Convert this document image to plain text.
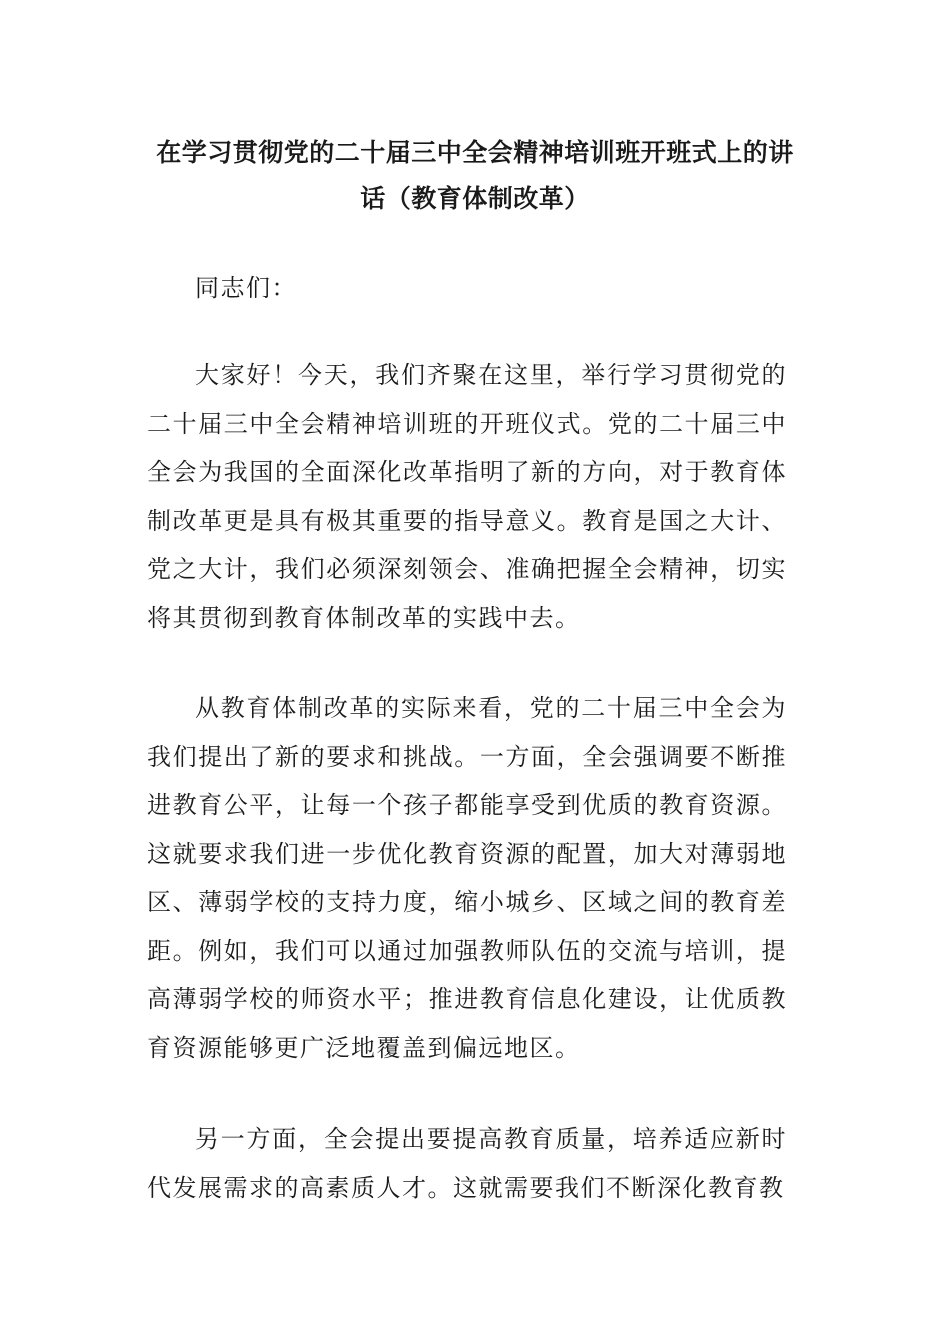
在学习贯彻党的二十届三中全会精神培训班开班式上的讲话（教育体制改革）

同志们：

大家好！今天，我们齐聚在这里，举行学习贯彻党的二十届三中全会精神培训班的开班仪式。党的二十届三中全会为我国的全面深化改革指明了新的方向，对于教育体制改革更是具有极其重要的指导意义。教育是国之大计、党之大计，我们必须深刻领会、准确把握全会精神，切实将其贯彻到教育体制改革的实践中去。

从教育体制改革的实际来看，党的二十届三中全会为我们提出了新的要求和挑战。一方面，全会强调要不断推进教育公平，让每一个孩子都能享受到优质的教育资源。这就要求我们进一步优化教育资源的配置，加大对薄弱地区、薄弱学校的支持力度，缩小城乡、区域之间的教育差距。例如，我们可以通过加强教师队伍的交流与培训，提高薄弱学校的师资水平；推进教育信息化建设，让优质教育资源能够更广泛地覆盖到偏远地区。

另一方面，全会提出要提高教育质量，培养适应新时代发展需求的高素质人才。这就需要我们不断深化教育教
